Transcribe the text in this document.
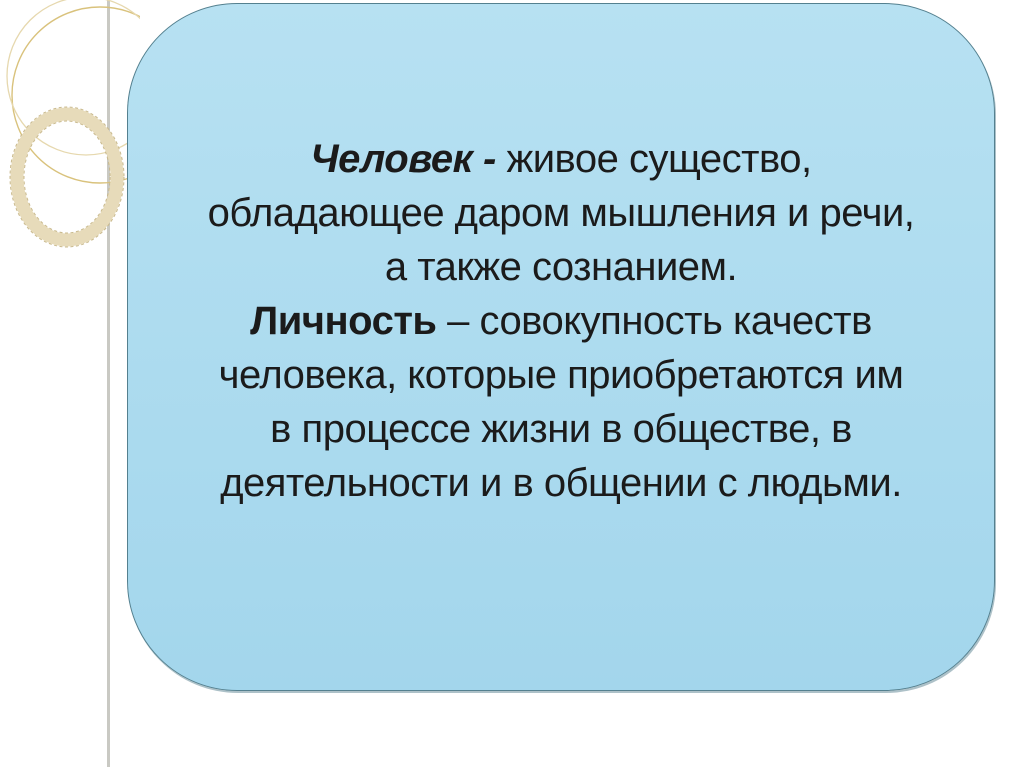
Человек - живое существо,
обладающее даром мышления и речи,
а также сознанием.
Личность – совокупность качеств
человека, которые приобретаются им
в процессе жизни в обществе, в
деятельности и в общении с людьми.
